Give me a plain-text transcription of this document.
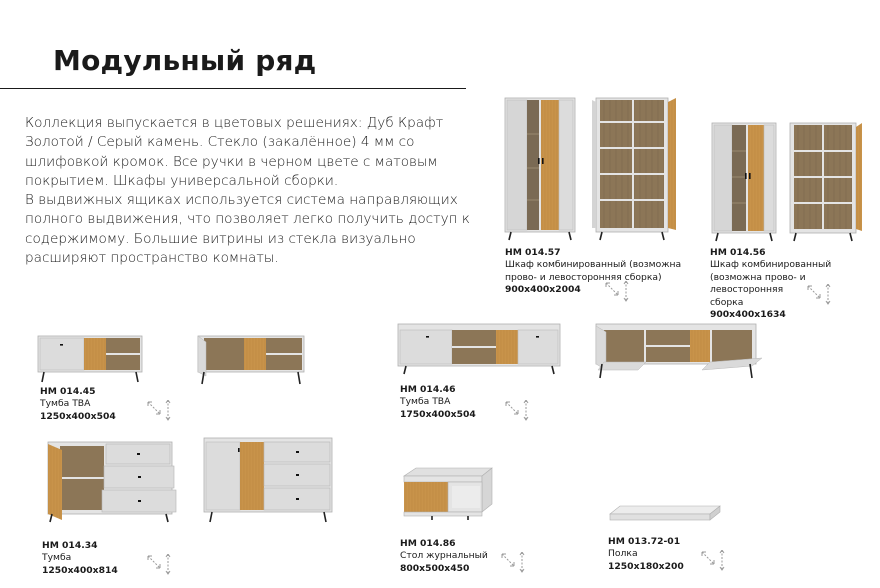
Модульный ряд

Коллекция выпускается в цветовых решениях: Дуб Крафт Золотой / Серый камень. Стекло (закалённое) 4 мм со шлифовкой кромок. Все ручки в черном цвете с матовым покрытием. Шкафы универсальной сборки.

В выдвижных ящиках используется система направляющих полного выдвижения, что позволяет легко получить доступ к содержимому. Большие витрины из стекла визуально расширяют пространство комнаты.	НМ 014.57
Шкаф комбинированный (возможна
прово- и левосторонняя сборка)
900х400х2004
НМ 014.56
Шкаф комбинированный
(возможна прово- и левосторонняя
сборка
900х400х1634
НМ 014.45
Тумба ТВА
1250х400х504
НМ 014.46
Тумба ТВА
1750х400х504
НМ 014.34
Тумба
1250х400х814
НМ 014.86
Стол журнальный
800х500х450
НМ 013.72-01
Полка
1250х180х200
